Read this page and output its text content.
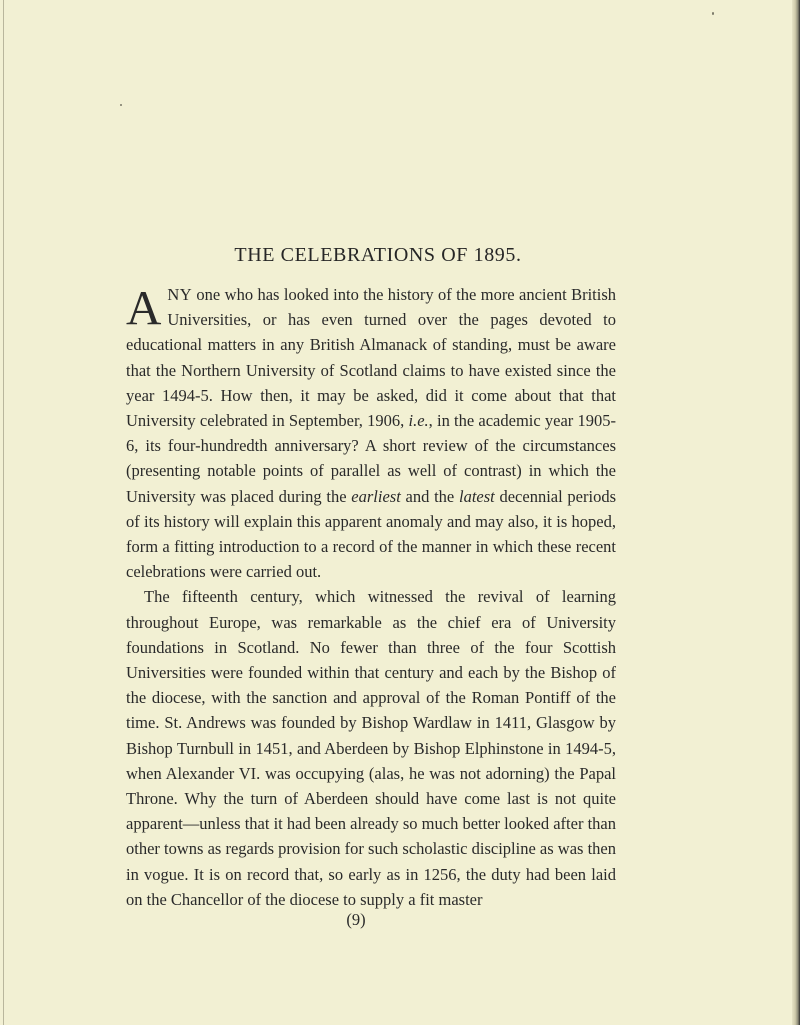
THE CELEBRATIONS OF 1895.

ANY one who has looked into the history of the more ancient British Universities, or has even turned over the pages devoted to educational matters in any British Almanack of standing, must be aware that the Northern University of Scotland claims to have existed since the year 1494-5. How then, it may be asked, did it come about that that University celebrated in September, 1906, i.e., in the academic year 1905-6, its four-hundredth anniversary? A short review of the circumstances (presenting notable points of parallel as well of contrast) in which the University was placed during the earliest and the latest decennial periods of its history will explain this apparent anomaly and may also, it is hoped, form a fitting introduction to a record of the manner in which these recent celebrations were carried out.

The fifteenth century, which witnessed the revival of learning throughout Europe, was remarkable as the chief era of University foundations in Scotland. No fewer than three of the four Scottish Universities were founded within that century and each by the Bishop of the diocese, with the sanction and approval of the Roman Pontiff of the time. St. Andrews was founded by Bishop Wardlaw in 1411, Glasgow by Bishop Turnbull in 1451, and Aberdeen by Bishop Elphinstone in 1494-5, when Alexander VI. was occupying (alas, he was not adorning) the Papal Throne. Why the turn of Aberdeen should have come last is not quite apparent—unless that it had been already so much better looked after than other towns as regards provision for such scholastic discipline as was then in vogue. It is on record that, so early as in 1256, the duty had been laid on the Chancellor of the diocese to supply a fit master

(9)
